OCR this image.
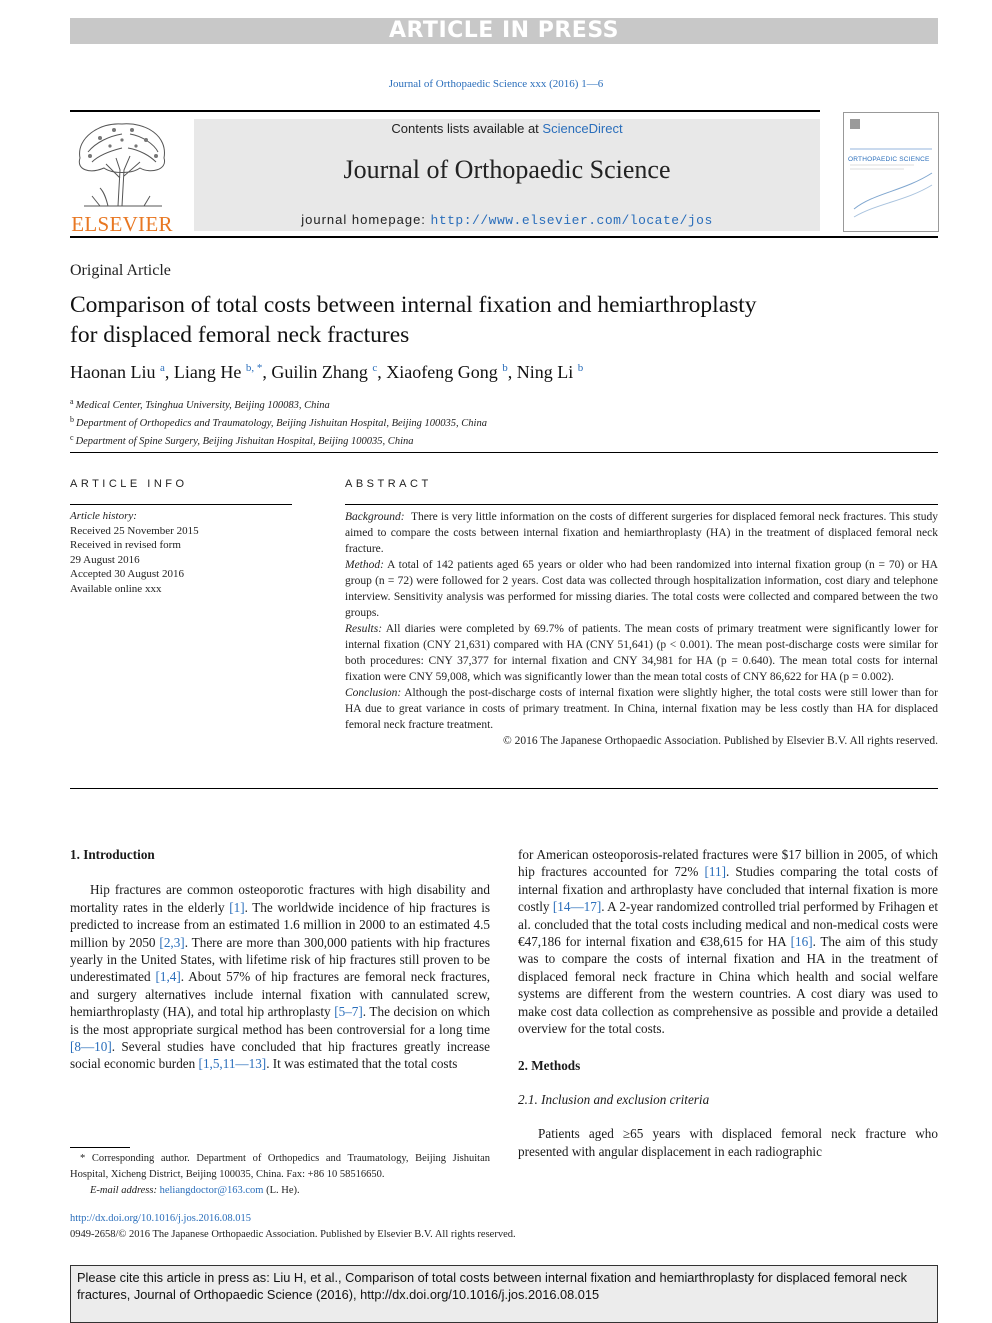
ARTICLE IN PRESS
Journal of Orthopaedic Science xxx (2016) 1—6
ELSEVIER
Contents lists available at ScienceDirect
Journal of Orthopaedic Science
journal homepage: http://www.elsevier.com/locate/jos
ORTHOPAEDIC SCIENCE
Original Article
Comparison of total costs between internal fixation and hemiarthroplasty for displaced femoral neck fractures
Haonan Liu $^a$, Liang He $^{b, *}$, Guilin Zhang $^c$, Xiaofeng Gong $^b$, Ning Li $^b$
$^a$ Medical Center, Tsinghua University, Beijing 100083, China
$^b$ Department of Orthopedics and Traumatology, Beijing Jishuitan Hospital, Beijing 100035, China
$^c$ Department of Spine Surgery, Beijing Jishuitan Hospital, Beijing 100035, China
ARTICLE INFO
Article history:
Received 25 November 2015
Received in revised form
29 August 2016
Accepted 30 August 2016
Available online xxx
ABSTRACT

Background: There is very little information on the costs of different surgeries for displaced femoral neck fractures. This study aimed to compare the costs between internal fixation and hemiarthroplasty (HA) in the treatment of displaced femoral neck fracture.

Method: A total of 142 patients aged 65 years or older who had been randomized into internal fixation group (n = 70) or HA group (n = 72) were followed for 2 years. Cost data was collected through hospitalization information, cost diary and telephone interview. Sensitivity analysis was performed for missing diaries. The total costs were collected and compared between the two groups.

Results: All diaries were completed by 69.7% of patients. The mean costs of primary treatment were significantly lower for internal fixation (CNY 21,631) compared with HA (CNY 51,641) (p < 0.001). The mean post-discharge costs were similar for both procedures: CNY 37,377 for internal fixation and CNY 34,981 for HA (p = 0.640). The mean total costs for internal fixation were CNY 59,008, which was significantly lower than the mean total costs of CNY 86,622 for HA (p = 0.002).

Conclusion: Although the post-discharge costs of internal fixation were slightly higher, the total costs were still lower than for HA due to great variance in costs of primary treatment. In China, internal fixation may be less costly than HA for displaced femoral neck fracture treatment.

© 2016 The Japanese Orthopaedic Association. Published by Elsevier B.V. All rights reserved.

1. Introduction

Hip fractures are common osteoporotic fractures with high disability and mortality rates in the elderly [1]. The worldwide incidence of hip fractures is predicted to increase from an estimated 1.6 million in 2000 to an estimated 4.5 million by 2050 [2,3]. There are more than 300,000 patients with hip fractures yearly in the United States, with lifetime risk of hip fractures still proven to be underestimated [1,4]. About 57% of hip fractures are femoral neck fractures, and surgery alternatives include internal fixation with cannulated screw, hemiarthroplasty (HA), and total hip arthroplasty [5–7]. The decision on which is the most appropriate surgical method has been controversial for a long time [8—10]. Several studies have concluded that hip fractures greatly increase social economic burden [1,5,11—13]. It was estimated that the total costs

for American osteoporosis-related fractures were $17 billion in 2005, of which hip fractures accounted for 72% [11]. Studies comparing the total costs of internal fixation and arthroplasty have concluded that internal fixation is more costly [14—17]. A 2-year randomized controlled trial performed by Frihagen et al. concluded that the total costs including medical and non-medical costs were €47,186 for internal fixation and €38,615 for HA [16]. The aim of this study was to compare the costs of internal fixation and HA in the treatment of displaced femoral neck fracture in China which health and social welfare systems are different from the western countries. A cost diary was used to make cost data collection as comprehensive as possible and provide a detailed overview for the total costs.

2. Methods
2.1. Inclusion and exclusion criteria

Patients aged ≥65 years with displaced femoral neck fracture who presented with angular displacement in each radiographic

* Corresponding author. Department of Orthopedics and Traumatology, Beijing Jishuitan Hospital, Xicheng District, Beijing 100035, China. Fax: +86 10 58516650.
E-mail address: heliangdoctor@163.com (L. He).
http://dx.doi.org/10.1016/j.jos.2016.08.015
0949-2658/© 2016 The Japanese Orthopaedic Association. Published by Elsevier B.V. All rights reserved.
Please cite this article in press as: Liu H, et al., Comparison of total costs between internal fixation and hemiarthroplasty for displaced femoral neck fractures, Journal of Orthopaedic Science (2016), http://dx.doi.org/10.1016/j.jos.2016.08.015
